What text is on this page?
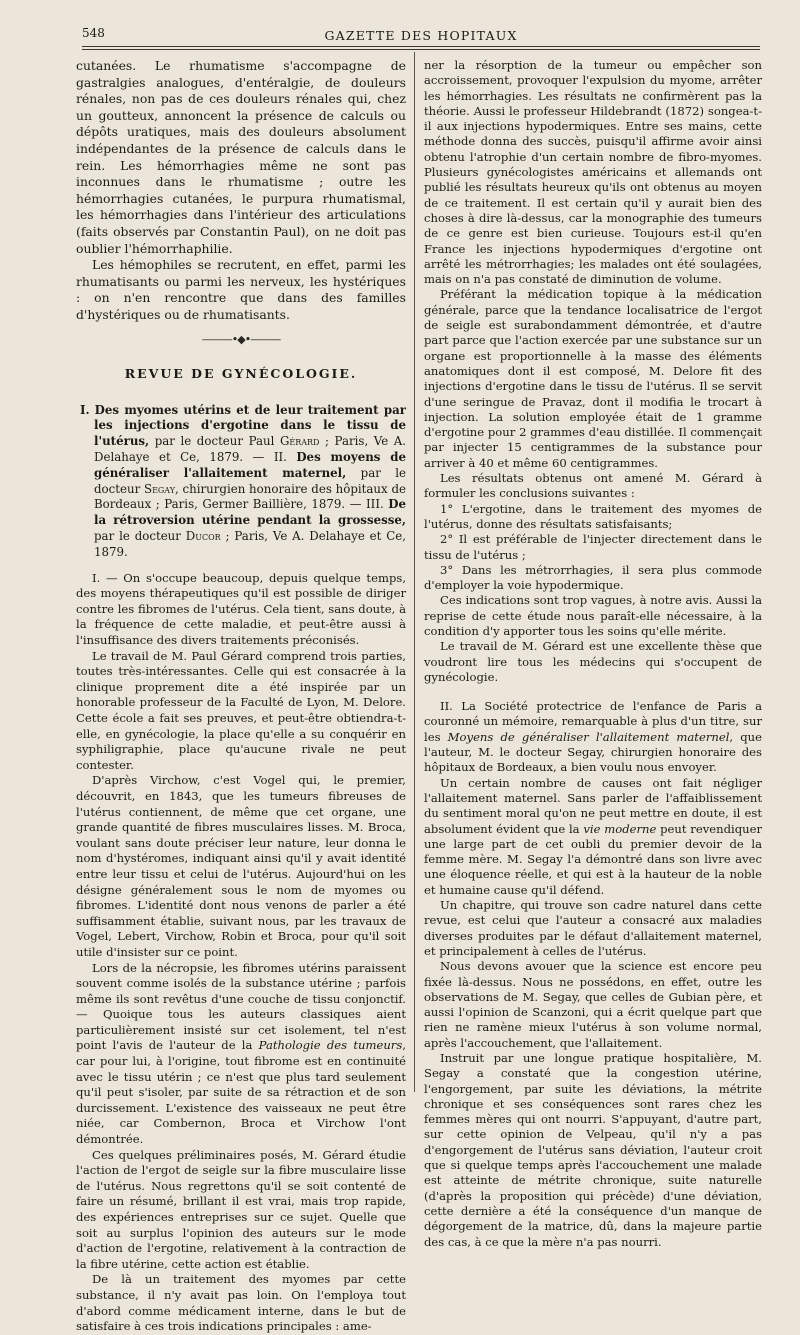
548	GAZETTE DES HOPITAUX

cutanées. Le rhumatisme s'accompagne de gastralgies analogues, d'entéralgie, de douleurs rénales, non pas de ces douleurs rénales qui, chez un goutteux, annoncent la présence de calculs ou dépôts uratiques, mais des douleurs absolument indépendantes de la présence de calculs dans le rein. Les hémorrhagies même ne sont pas inconnues dans le rhumatisme ; outre les hémorrhagies cutanées, le purpura rhumatismal, les hémorrhagies dans l'intérieur des articulations (faits observés par Constantin Paul), on ne doit pas oublier l'hémorrhaphilie.

Les hémophiles se recrutent, en effet, parmi les rhumatisants ou parmi les nerveux, les hystériques : on n'en rencontre que dans des familles d'hystériques ou de rhumatisants.

———•◆•———
REVUE DE GYNÉCOLOGIE.

I. Des myomes utérins et de leur traitement par les injections d'ergotine dans le tissu de l'utérus, par le docteur Paul Gérard ; Paris, Ve A. Delahaye et Ce, 1879. — II. Des moyens de généraliser l'allaitement maternel, par le docteur Segay, chirurgien honoraire des hôpitaux de Bordeaux ; Paris, Germer Baillière, 1879. — III. De la rétroversion utérine pendant la grossesse, par le docteur Ducor ; Paris, Ve A. Delahaye et Ce, 1879.

I. — On s'occupe beaucoup, depuis quelque temps, des moyens thérapeutiques qu'il est possible de diriger contre les fibromes de l'utérus. Cela tient, sans doute, à la fréquence de cette maladie, et peut-être aussi à l'insuffisance des divers traitements préconisés.

Le travail de M. Paul Gérard comprend trois parties, toutes très-intéressantes. Celle qui est consacrée à la clinique proprement dite a été inspirée par un honorable professeur de la Faculté de Lyon, M. Delore. Cette école a fait ses preuves, et peut-être obtiendra-t-elle, en gynécologie, la place qu'elle a su conquérir en syphiligraphie, place qu'aucune rivale ne peut contester.

D'après Virchow, c'est Vogel qui, le premier, découvrit, en 1843, que les tumeurs fibreuses de l'utérus contiennent, de même que cet organe, une grande quantité de fibres musculaires lisses. M. Broca, voulant sans doute préciser leur nature, leur donna le nom d'hystéromes, indiquant ainsi qu'il y avait identité entre leur tissu et celui de l'utérus. Aujourd'hui on les désigne généralement sous le nom de myomes ou fibromes. L'identité dont nous venons de parler a été suffisamment établie, suivant nous, par les travaux de Vogel, Lebert, Virchow, Robin et Broca, pour qu'il soit utile d'insister sur ce point.

Lors de la nécropsie, les fibromes utérins paraissent souvent comme isolés de la substance utérine ; parfois même ils sont revêtus d'une couche de tissu conjonctif. — Quoique tous les auteurs classiques aient particulièrement insisté sur cet isolement, tel n'est point l'avis de l'auteur de la Pathologie des tumeurs, car pour lui, à l'origine, tout fibrome est en continuité avec le tissu utérin ; ce n'est que plus tard seulement qu'il peut s'isoler, par suite de sa rétraction et de son durcissement. L'existence des vaisseaux ne peut être niée, car Combernon, Broca et Virchow l'ont démontrée.

Ces quelques préliminaires posés, M. Gérard étudie l'action de l'ergot de seigle sur la fibre musculaire lisse de l'utérus. Nous regrettons qu'il se soit contenté de faire un résumé, brillant il est vrai, mais trop rapide, des expériences entreprises sur ce sujet. Quelle que soit au surplus l'opinion des auteurs sur le mode d'action de l'ergotine, relativement à la contraction de la fibre utérine, cette action est établie.

De là un traitement des myomes par cette substance, il n'y avait pas loin. On l'employa tout d'abord comme médicament interne, dans le but de satisfaire à ces trois indications principales : ame-

ner la résorption de la tumeur ou empêcher son accroissement, provoquer l'expulsion du myome, arrêter les hémorrhagies. Les résultats ne confirmèrent pas la théorie. Aussi le professeur Hildebrandt (1872) songea-t-il aux injections hypodermiques. Entre ses mains, cette méthode donna des succès, puisqu'il affirme avoir ainsi obtenu l'atrophie d'un certain nombre de fibro-myomes. Plusieurs gynécologistes américains et allemands ont publié les résultats heureux qu'ils ont obtenus au moyen de ce traitement. Il est certain qu'il y aurait bien des choses à dire là-dessus, car la monographie des tumeurs de ce genre est bien curieuse. Toujours est-il qu'en France les injections hypodermiques d'ergotine ont arrêté les métrorrhagies; les malades ont été soulagées, mais on n'a pas constaté de diminution de volume.

Préférant la médication topique à la médication générale, parce que la tendance localisatrice de l'ergot de seigle est surabondamment démontrée, et d'autre part parce que l'action exercée par une substance sur un organe est proportionnelle à la masse des éléments anatomiques dont il est composé, M. Delore fit des injections d'ergotine dans le tissu de l'utérus. Il se servit d'une seringue de Pravaz, dont il modifia le trocart à injection. La solution employée était de 1 gramme d'ergotine pour 2 grammes d'eau distillée. Il commençait par injecter 15 centigrammes de la substance pour arriver à 40 et même 60 centigrammes.

Les résultats obtenus ont amené M. Gérard à formuler les conclusions suivantes :

1° L'ergotine, dans le traitement des myomes de l'utérus, donne des résultats satisfaisants;

2° Il est préférable de l'injecter directement dans le tissu de l'utérus ;

3° Dans les métrorrhagies, il sera plus commode d'employer la voie hypodermique.

Ces indications sont trop vagues, à notre avis. Aussi la reprise de cette étude nous paraît-elle nécessaire, à la condition d'y apporter tous les soins qu'elle mérite.

Le travail de M. Gérard est une excellente thèse que voudront lire tous les médecins qui s'occupent de gynécologie.

II. La Société protectrice de l'enfance de Paris a couronné un mémoire, remarquable à plus d'un titre, sur les Moyens de généraliser l'allaitement maternel, que l'auteur, M. le docteur Segay, chirurgien honoraire des hôpitaux de Bordeaux, a bien voulu nous envoyer.

Un certain nombre de causes ont fait négliger l'allaitement maternel. Sans parler de l'affaiblissement du sentiment moral qu'on ne peut mettre en doute, il est absolument évident que la vie moderne peut revendiquer une large part de cet oubli du premier devoir de la femme mère. M. Segay l'a démontré dans son livre avec une éloquence réelle, et qui est à la hauteur de la noble et humaine cause qu'il défend.

Un chapitre, qui trouve son cadre naturel dans cette revue, est celui que l'auteur a consacré aux maladies diverses produites par le défaut d'allaitement maternel, et principalement à celles de l'utérus.

Nous devons avouer que la science est encore peu fixée là-dessus. Nous ne possédons, en effet, outre les observations de M. Segay, que celles de Gubian père, et aussi l'opinion de Scanzoni, qui a écrit quelque part que rien ne ramène mieux l'utérus à son volume normal, après l'accouchement, que l'allaitement.

Instruit par une longue pratique hospitalière, M. Segay a constaté que la congestion utérine, l'engorgement, par suite les déviations, la métrite chronique et ses conséquences sont rares chez les femmes mères qui ont nourri. S'appuyant, d'autre part, sur cette opinion de Velpeau, qu'il n'y a pas d'engorgement de l'utérus sans déviation, l'auteur croit que si quelque temps après l'accouchement une malade est atteinte de métrite chronique, suite naturelle (d'après la proposition qui précède) d'une déviation, cette dernière a été la conséquence d'un manque de dégorgement de la matrice, dû, dans la majeure partie des cas, à ce que la mère n'a pas nourri.
